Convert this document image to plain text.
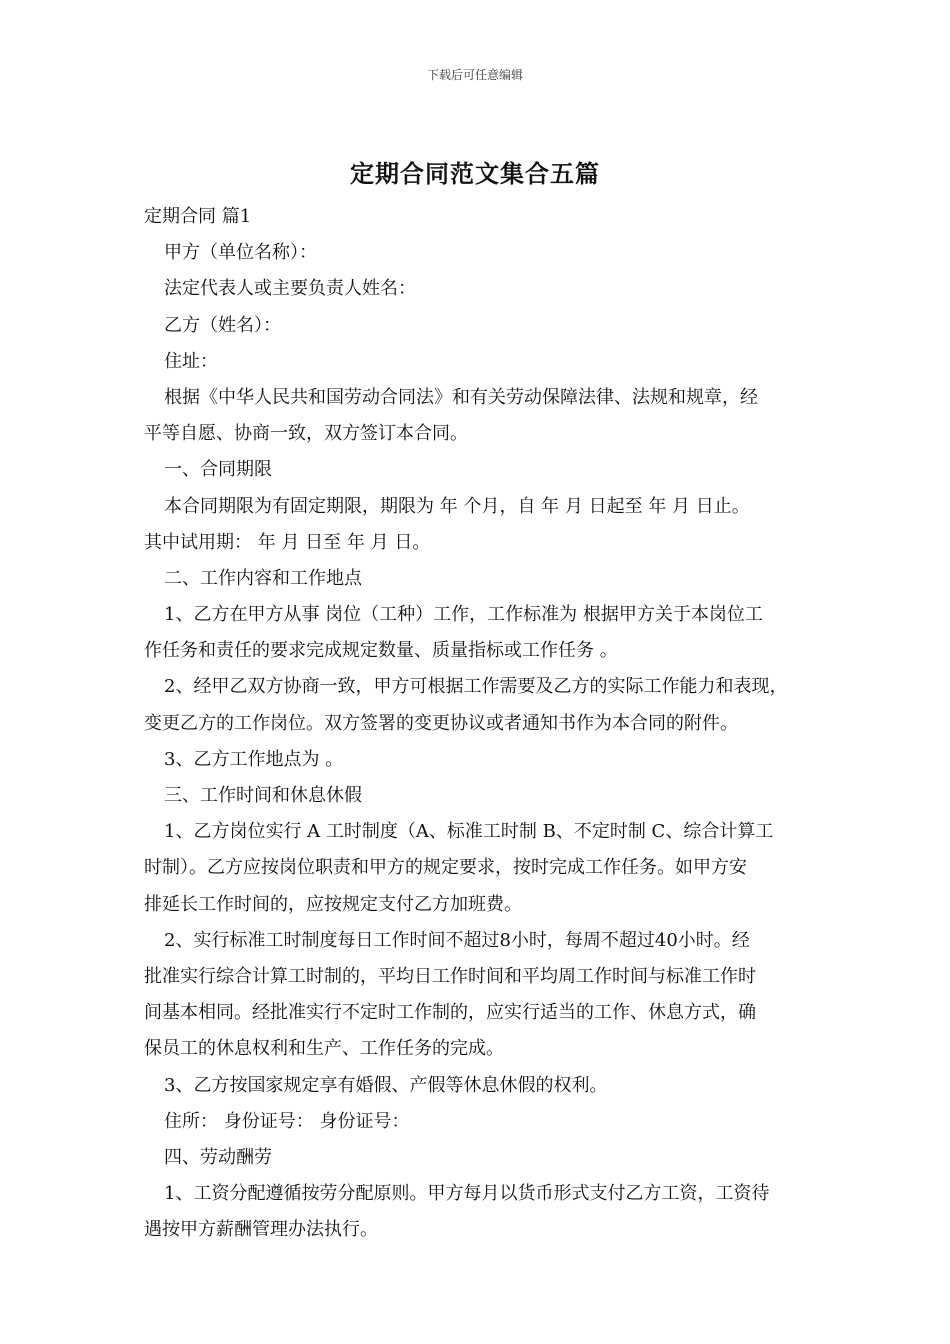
下载后可任意编辑
定期合同范文集合五篇
定期合同 篇1
甲方（单位名称）：
法定代表人或主要负责人姓名：
乙方（姓名）：
住址：
根据《中华人民共和国劳动合同法》和有关劳动保障法律、法规和规章，经
平等自愿、协商一致，双方签订本合同。
一、合同期限
本合同期限为有固定期限，期限为 年 个月，自 年 月 日起至 年 月 日止。
其中试用期： 年 月 日至 年 月 日。
二、工作内容和工作地点
1、乙方在甲方从事 岗位（工种）工作，工作标准为 根据甲方关于本岗位工
作任务和责任的要求完成规定数量、质量指标或工作任务 。
2、经甲乙双方协商一致，甲方可根据工作需要及乙方的实际工作能力和表现，
变更乙方的工作岗位。双方签署的变更协议或者通知书作为本合同的附件。
3、乙方工作地点为 。
三、工作时间和休息休假
1、乙方岗位实行 A 工时制度（A、标准工时制 B、不定时制 C、综合计算工
时制）。乙方应按岗位职责和甲方的规定要求，按时完成工作任务。如甲方安
排延长工作时间的，应按规定支付乙方加班费。
2、实行标准工时制度每日工作时间不超过8小时，每周不超过40小时。经
批准实行综合计算工时制的，平均日工作时间和平均周工作时间与标准工作时
间基本相同。经批准实行不定时工作制的，应实行适当的工作、休息方式，确
保员工的休息权利和生产、工作任务的完成。
3、乙方按国家规定享有婚假、产假等休息休假的权利。
住所： 身份证号： 身份证号：
四、劳动酬劳
1、工资分配遵循按劳分配原则。甲方每月以货币形式支付乙方工资，工资待
遇按甲方薪酬管理办法执行。
